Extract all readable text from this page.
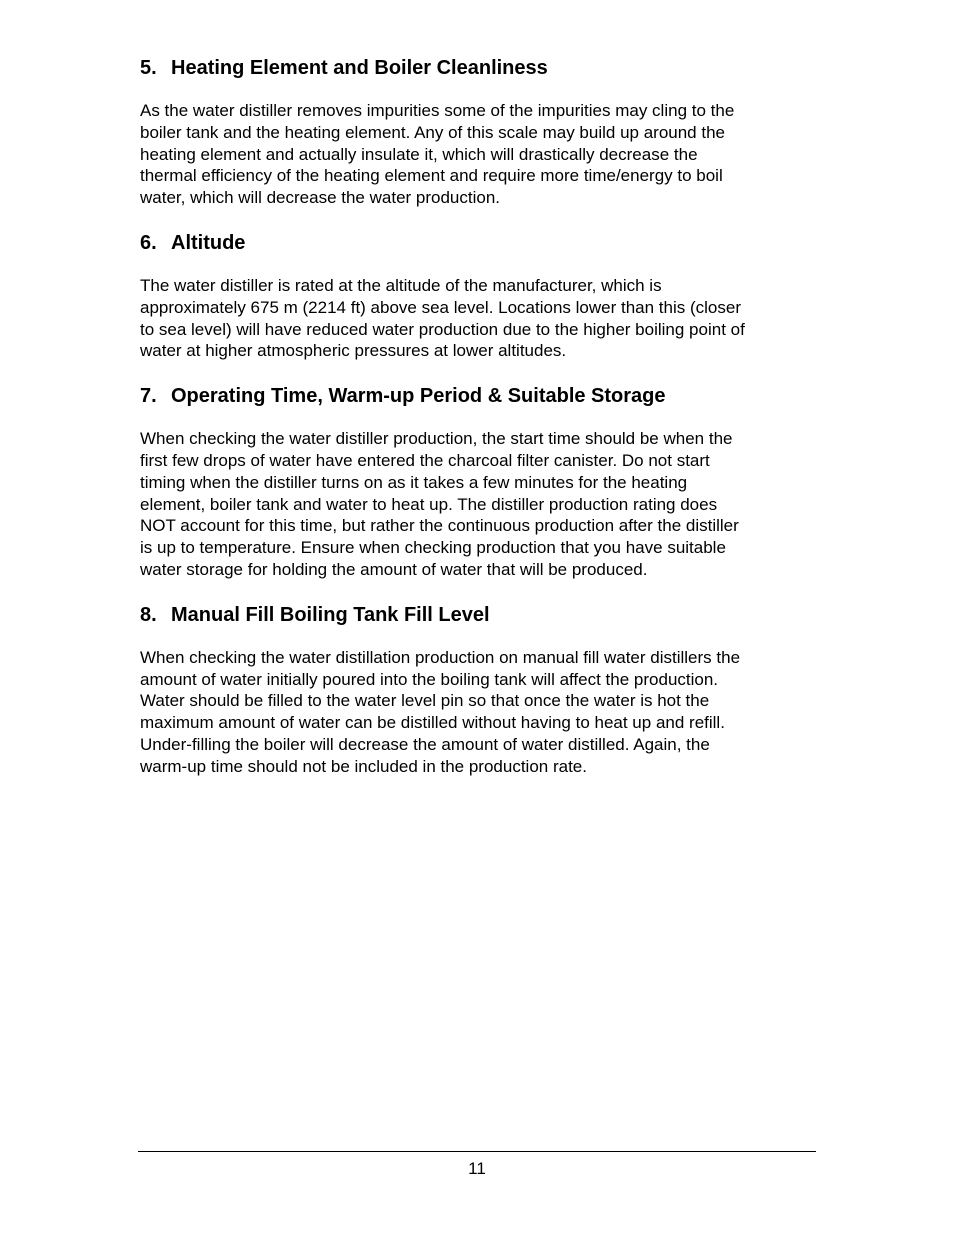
5. Heating Element and Boiler Cleanliness

As the water distiller removes impurities some of the impurities may cling to the
boiler tank and the heating element. Any of this scale may build up around the
heating element and actually insulate it, which will drastically decrease the
thermal efficiency of the heating element and require more time/energy to boil
water, which will decrease the water production.

6. Altitude

The water distiller is rated at the altitude of the manufacturer, which is
approximately 675 m (2214 ft) above sea level. Locations lower than this (closer
to sea level) will have reduced water production due to the higher boiling point of
water at higher atmospheric pressures at lower altitudes.

7. Operating Time, Warm-up Period & Suitable Storage

When checking the water distiller production, the start time should be when the
first few drops of water have entered the charcoal filter canister. Do not start
timing when the distiller turns on as it takes a few minutes for the heating
element, boiler tank and water to heat up. The distiller production rating does
NOT account for this time, but rather the continuous production after the distiller
is up to temperature. Ensure when checking production that you have suitable
water storage for holding the amount of water that will be produced.

8. Manual Fill Boiling Tank Fill Level

When checking the water distillation production on manual fill water distillers the
amount of water initially poured into the boiling tank will affect the production.
Water should be filled to the water level pin so that once the water is hot the
maximum amount of water can be distilled without having to heat up and refill.
Under-filling the boiler will decrease the amount of water distilled. Again, the
warm-up time should not be included in the production rate.

11
